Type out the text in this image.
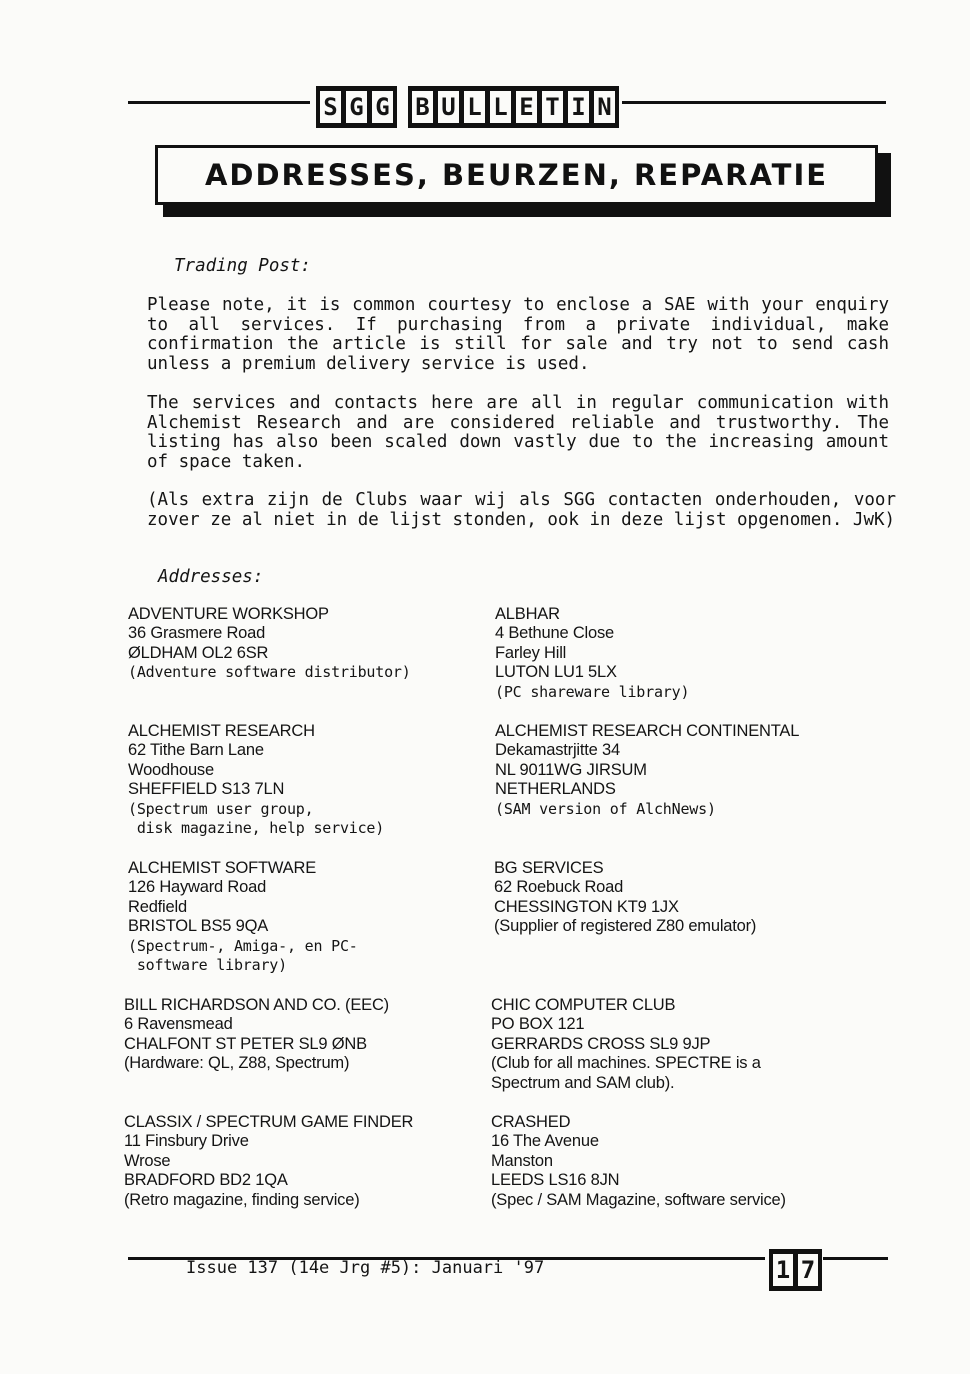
S G G B U L L E T I N
ADDRESSES, BEURZEN, REPARATIE
Trading Post:
Please note, it is common courtesy to enclose a SAE with your enquiry to all services. If purchasing from a private individual, make confirmation the article is still for sale and try not to send cash unless a premium delivery service is used.
The services and contacts here are all in regular communication with Alchemist Research and are considered reliable and trustworthy. The listing has also been scaled down vastly due to the increasing amount of space taken.
(Als extra zijn de Clubs waar wij als SGG contacten onderhouden, voor zover ze al niet in de lijst stonden, ook in deze lijst opgenomen. JwK)
Addresses:
ADVENTURE WORKSHOP
36 Grasmere Road
ØLDHAM OL2 6SR
(Adventure software distributor)
ALCHEMIST RESEARCH
62 Tithe Barn Lane
Woodhouse
SHEFFIELD S13 7LN
(Spectrum user group,
disk magazine, help service)
ALCHEMIST SOFTWARE
126 Hayward Road
Redfield
BRISTOL BS5 9QA
(Spectrum-, Amiga-, en PC-
software library)
BILL RICHARDSON AND CO. (EEC)
6 Ravensmead
CHALFONT ST PETER SL9 ØNB
(Hardware: QL, Z88, Spectrum)
CLASSIX / SPECTRUM GAME FINDER
11 Finsbury Drive
Wrose
BRADFORD BD2 1QA
(Retro magazine, finding service)
ALBHAR
4 Bethune Close
Farley Hill
LUTON LU1 5LX
(PC shareware library)
ALCHEMIST RESEARCH CONTINENTAL
Dekamastrjitte 34
NL 9011WG JIRSUM
NETHERLANDS
(SAM version of AlchNews)
BG SERVICES
62 Roebuck Road
CHESSINGTON KT9 1JX
(Supplier of registered Z80 emulator)
CHIC COMPUTER CLUB
PO BOX 121
GERRARDS CROSS SL9 9JP
(Club for all machines. SPECTRE is a
Spectrum and SAM club).
CRASHED
16 The Avenue
Manston
LEEDS LS16 8JN
(Spec / SAM Magazine, software service)
Issue 137 (14e Jrg #5): Januari '97	1 7
